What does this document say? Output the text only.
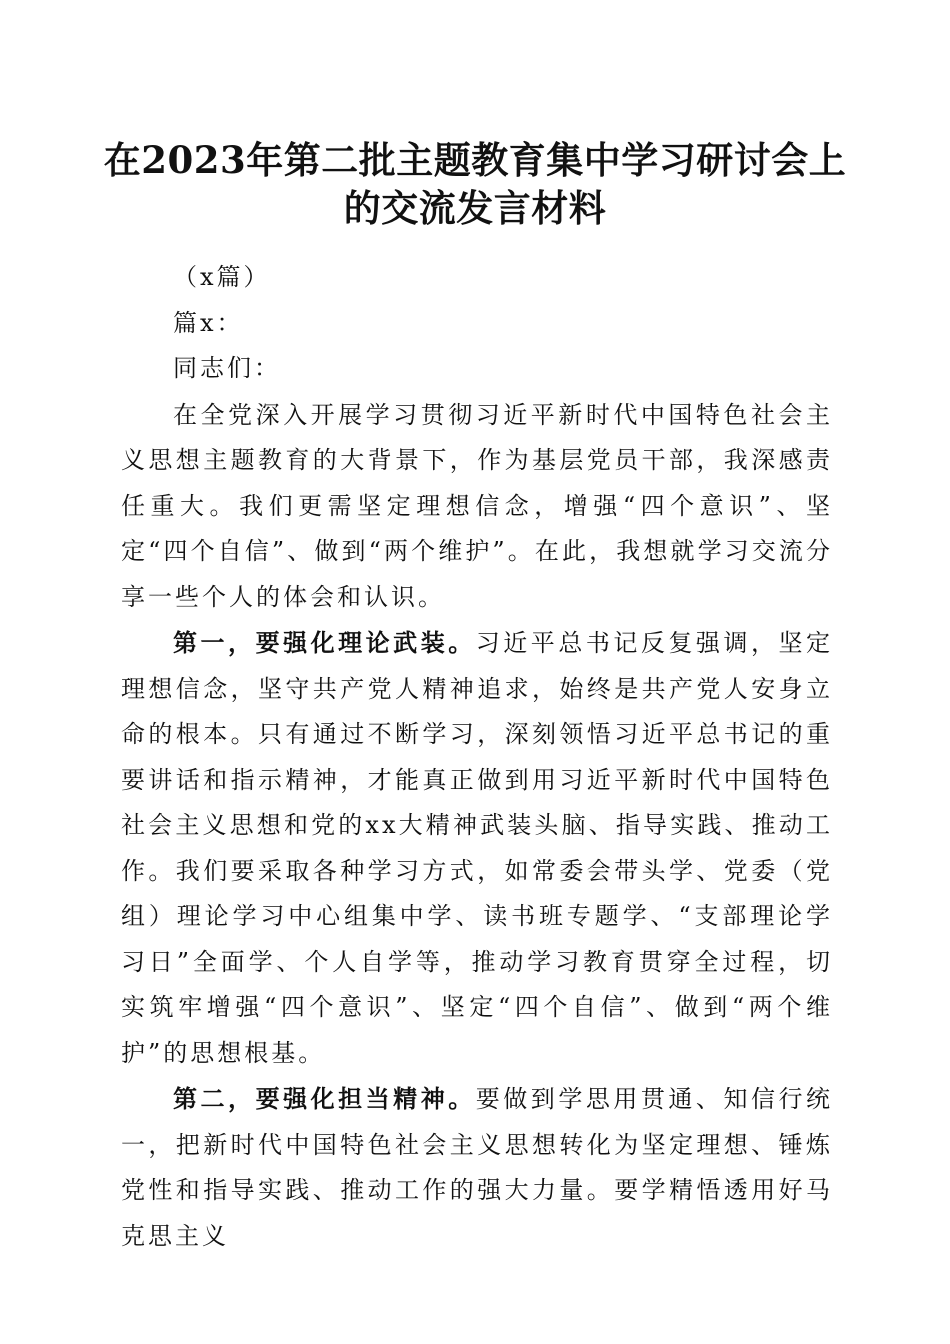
在2023年第二批主题教育集中学习研讨会上
的交流发言材料

（x篇）

篇x：

同志们：

在全党深入开展学习贯彻习近平新时代中国特色社会主义思想主题教育的大背景下，作为基层党员干部，我深感责任重大。我们更需坚定理想信念，增强“四个意识”、坚定“四个自信”、做到“两个维护”。在此，我想就学习交流分享一些个人的体会和认识。

第一，要强化理论武装。习近平总书记反复强调，坚定理想信念，坚守共产党人精神追求，始终是共产党人安身立命的根本。只有通过不断学习，深刻领悟习近平总书记的重要讲话和指示精神，才能真正做到用习近平新时代中国特色社会主义思想和党的xx大精神武装头脑、指导实践、推动工作。我们要采取各种学习方式，如常委会带头学、党委（党组）理论学习中心组集中学、读书班专题学、“支部理论学习日”全面学、个人自学等，推动学习教育贯穿全过程，切实筑牢增强“四个意识”、坚定“四个自信”、做到“两个维护”的思想根基。

第二，要强化担当精神。要做到学思用贯通、知信行统一，把新时代中国特色社会主义思想转化为坚定理想、锤炼党性和指导实践、推动工作的强大力量。要学精悟透用好马克思主义
